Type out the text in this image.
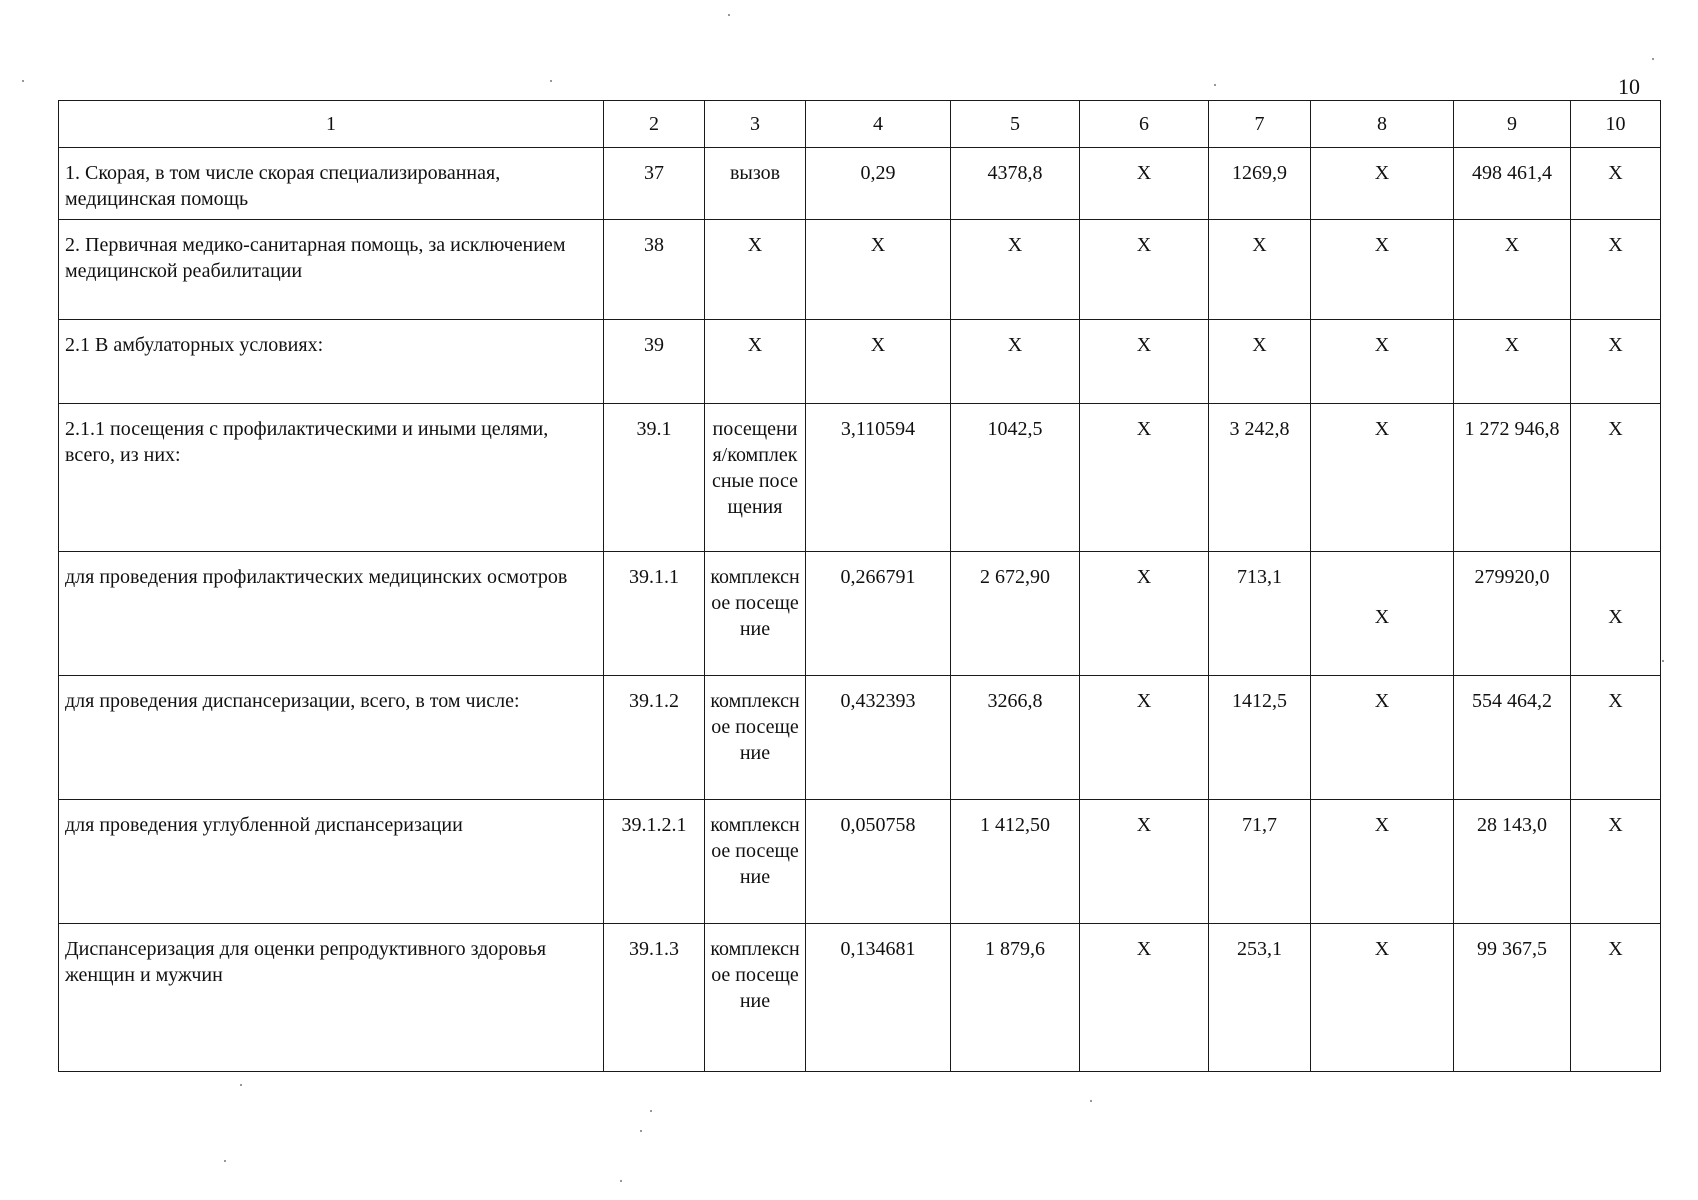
10
1	2	3	4	5	6	7	8	9	10
1. Скорая, в том числе скорая специализированная, медицинская помощь	37	вызов	0,29	4378,8	Х	1269,9	Х	498 461,4	Х
2. Первичная медико-санитарная помощь, за исключением медицинской реабилитации	38	Х	Х	Х	Х	Х	Х	Х	Х
2.1 В амбулаторных условиях:	39	Х	Х	Х	Х	Х	Х	Х	Х
2.1.1 посещения с профилактическими и иными целями, всего, из них:	39.1	посещения/комплексные посещения	3,110594	1042,5	Х	3 242,8	Х	1 272 946,8	Х
для проведения профилактических медицинских осмотров	39.1.1	комплексное посещение	0,266791	2 672,90	Х	713,1	Х	279920,0	Х
для проведения диспансеризации, всего, в том числе:	39.1.2	комплексное посещение	0,432393	3266,8	Х	1412,5	Х	554 464,2	Х
для проведения углубленной диспансеризации	39.1.2.1	комплексное посещение	0,050758	1 412,50	Х	71,7	Х	28 143,0	Х
Диспансеризация для оценки репродуктивного здоровья женщин и мужчин	39.1.3	комплексное посещение	0,134681	1 879,6	Х	253,1	Х	99 367,5	Х
